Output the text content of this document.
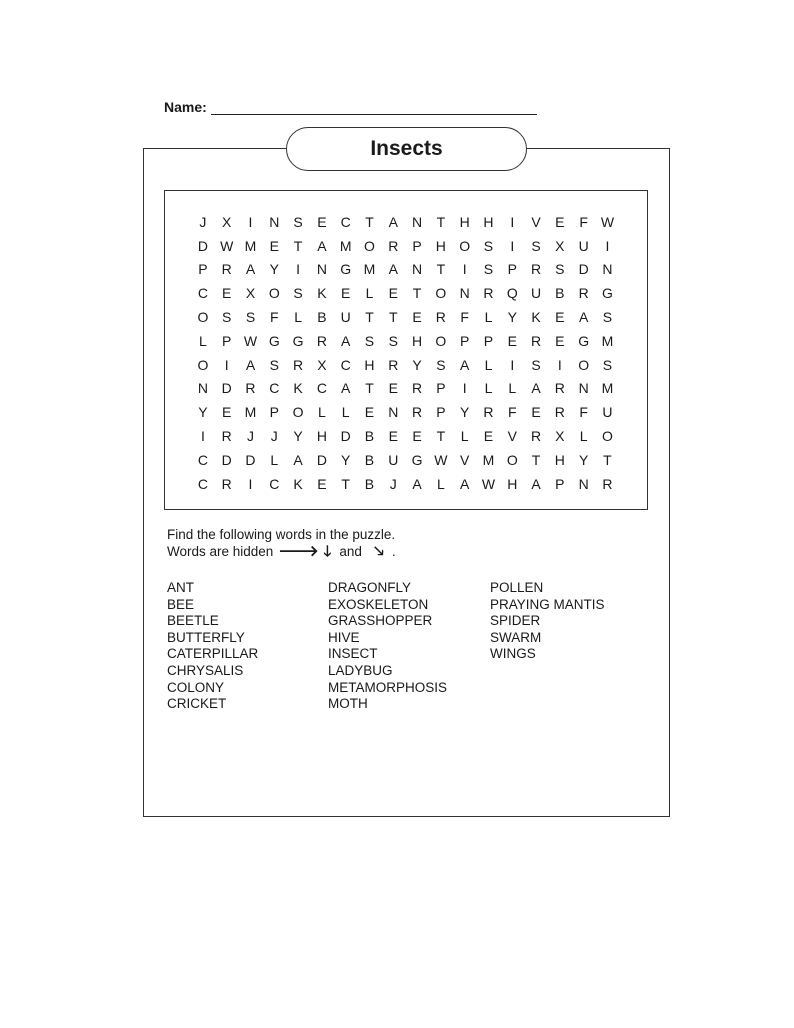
Name:
Insects
J	X	I	N	S	E	C	T	A	N	T	H H	I	V	E	F W
D W M E	T	A M O R	P	H O S	I	S	X	U	I
P	R	A	Y	I	N G M A	N	T	I	S	P	R	S	D N
C	E	X O S	K	E	L	E	T	O N R Q U	B	R G
O S	S	F	L	B	U	T	T	E	R	F	L	Y	K	E	A	S
L	P W G G R	A	S	S	H O P	P	E	R	E G M
O	I	A	S	R	X	C H R	Y	S	A	L	I	S	I	O S
N D R C	K	C	A	T	E	R	P	I	L	L	A	R N M
Y	E M P O	L	L	E	N R	P	Y	R	F	E	R	F	U
I	R	J	J	Y	H D	B	E	E	T	L	E	V	R	X	L	O
C D D	L	A	D	Y	B	U G W V M O	T	H	Y	T
C R	I	C	K	E	T	B	J	A	L	A W H	A	P	N R
Find the following words in the puzzle.
Words are hidden 🡒 🡓 and 🡖 .
ANT
BEE
BEETLE
BUTTERFLY
CATERPILLAR
CHRYSALIS
COLONY
CRICKET
DRAGONFLY
EXOSKELETON
GRASSHOPPER
HIVE
INSECT
LADYBUG
METAMORPHOSIS
MOTH
POLLEN
PRAYING MANTIS
SPIDER
SWARM
WINGS
